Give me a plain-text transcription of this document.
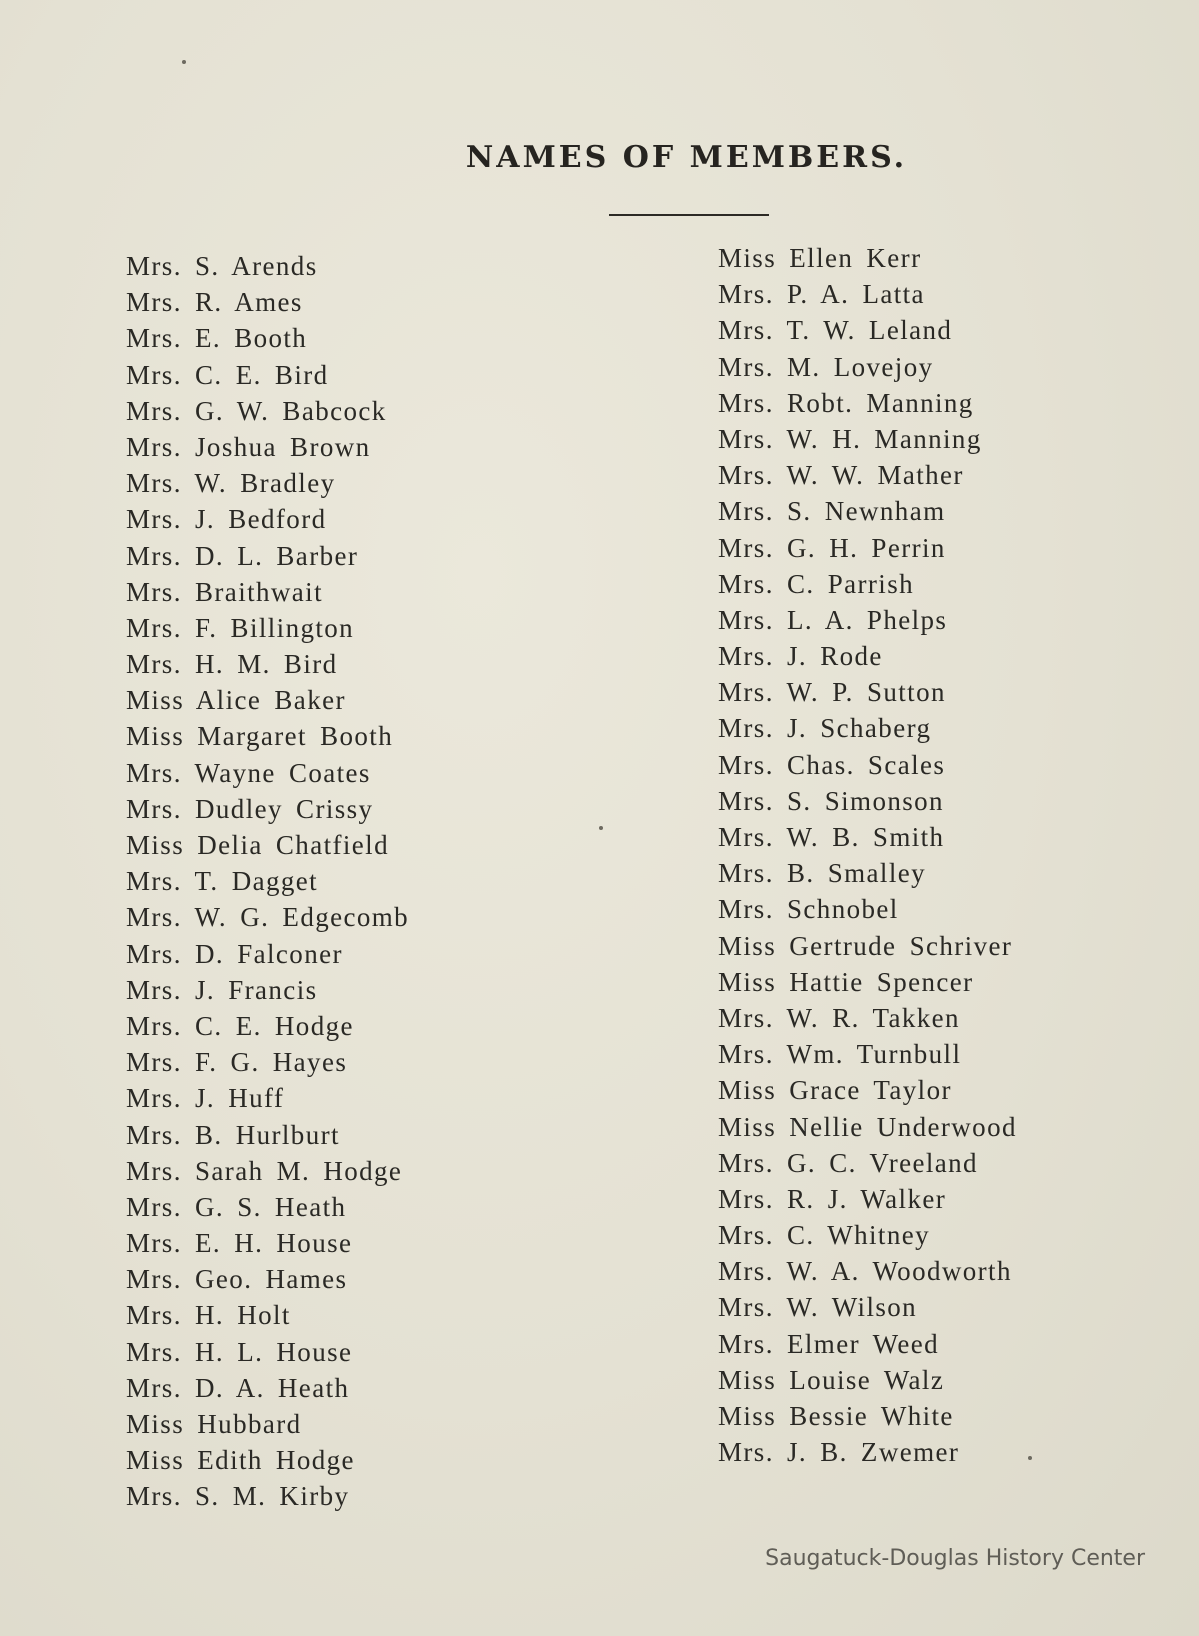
NAMES OF MEMBERS.
Mrs. S. Arends
Mrs. R. Ames
Mrs. E. Booth
Mrs. C. E. Bird
Mrs. G. W. Babcock
Mrs. Joshua Brown
Mrs. W. Bradley
Mrs. J. Bedford
Mrs. D. L. Barber
Mrs. Braithwait
Mrs. F. Billington
Mrs. H. M. Bird
Miss Alice Baker
Miss Margaret Booth
Mrs. Wayne Coates
Mrs. Dudley Crissy
Miss Delia Chatfield
Mrs. T. Dagget
Mrs. W. G. Edgecomb
Mrs. D. Falconer
Mrs. J. Francis
Mrs. C. E. Hodge
Mrs. F. G. Hayes
Mrs. J. Huff
Mrs. B. Hurlburt
Mrs. Sarah M. Hodge
Mrs. G. S. Heath
Mrs. E. H. House
Mrs. Geo. Hames
Mrs. H. Holt
Mrs. H. L. House
Mrs. D. A. Heath
Miss Hubbard
Miss Edith Hodge
Mrs. S. M. Kirby
Miss Ellen Kerr
Mrs. P. A. Latta
Mrs. T. W. Leland
Mrs. M. Lovejoy
Mrs. Robt. Manning
Mrs. W. H. Manning
Mrs. W. W. Mather
Mrs. S. Newnham
Mrs. G. H. Perrin
Mrs. C. Parrish
Mrs. L. A. Phelps
Mrs. J. Rode
Mrs. W. P. Sutton
Mrs. J. Schaberg
Mrs. Chas. Scales
Mrs. S. Simonson
Mrs. W. B. Smith
Mrs. B. Smalley
Mrs. Schnobel
Miss Gertrude Schriver
Miss Hattie Spencer
Mrs. W. R. Takken
Mrs. Wm. Turnbull
Miss Grace Taylor
Miss Nellie Underwood
Mrs. G. C. Vreeland
Mrs. R. J. Walker
Mrs. C. Whitney
Mrs. W. A. Woodworth
Mrs. W. Wilson
Mrs. Elmer Weed
Miss Louise Walz
Miss Bessie White
Mrs. J. B. Zwemer
Saugatuck-Douglas History Center
